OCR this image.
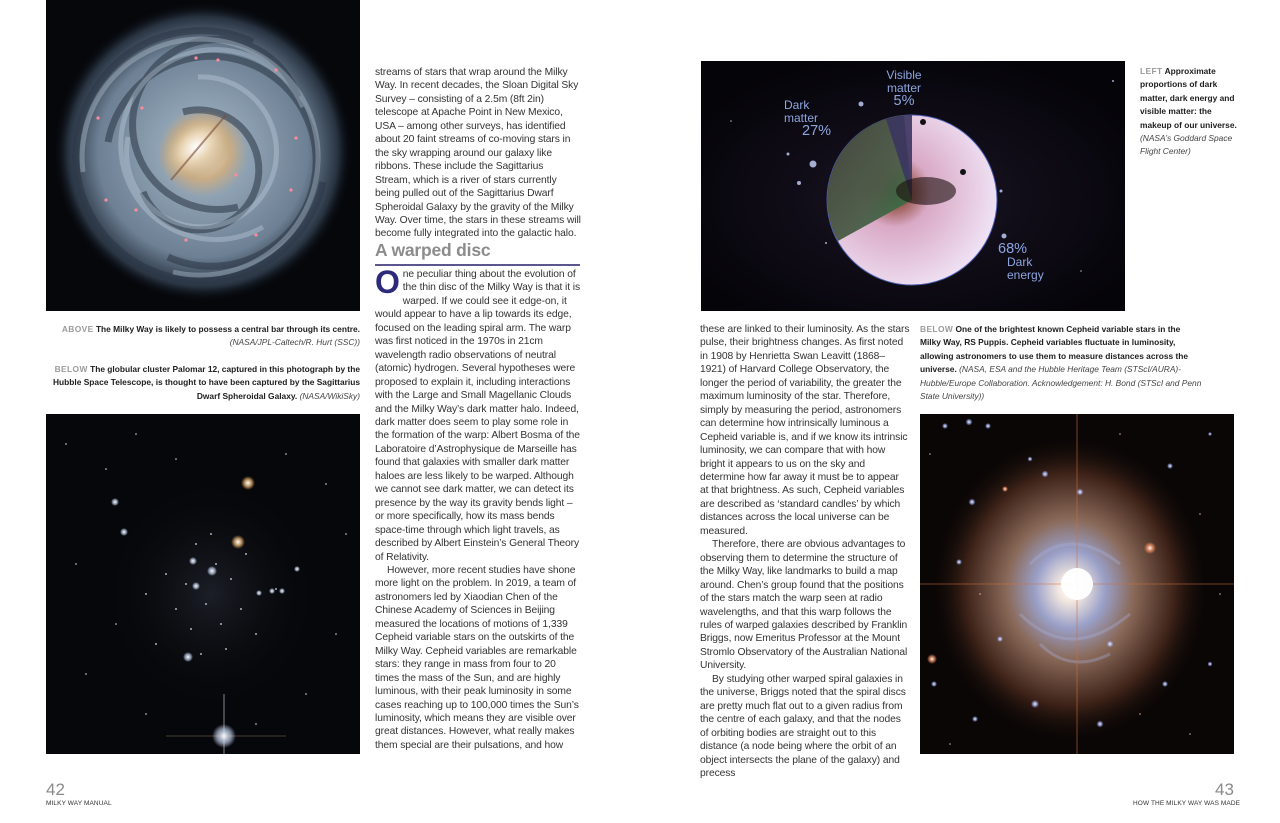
streams of stars that wrap around the Milky Way. In recent decades, the Sloan Digital Sky Survey – consisting of a 2.5m (8ft 2in) telescope at Apache Point in New Mexico, USA – among other surveys, has identified about 20 faint streams of co-moving stars in the sky wrapping around our galaxy like ribbons. These include the Sagittarius Stream, which is a river of stars currently being pulled out of the Sagittarius Dwarf Spheroidal Galaxy by the gravity of the Milky Way. Over time, the stars in these streams will become fully integrated into the galactic halo.

A warped disc

One peculiar thing about the evolution of the thin disc of the Milky Way is that it is warped. If we could see it edge-on, it would appear to have a lip towards its edge, focused on the leading spiral arm. The warp was first noticed in the 1970s in 21cm wavelength radio observations of neutral (atomic) hydrogen. Several hypotheses were proposed to explain it, including interactions with the Large and Small Magellanic Clouds and the Milky Way’s dark matter halo. Indeed, dark matter does seem to play some role in the formation of the warp: Albert Bosma of the Laboratoire d’Astrophysique de Marseille has found that galaxies with smaller dark matter haloes are less likely to be warped. Although we cannot see dark matter, we can detect its presence by the way its gravity bends light – or more specifically, how its mass bends space-time through which light travels, as described by Albert Einstein’s General Theory of Relativity.

However, more recent studies have shone more light on the problem. In 2019, a team of astronomers led by Xiaodian Chen of the Chinese Academy of Sciences in Beijing measured the locations of motions of 1,339 Cepheid variable stars on the outskirts of the Milky Way. Cepheid variables are remarkable stars: they range in mass from four to 20 times the mass of the Sun, and are highly luminous, with their peak luminosity in some cases reaching up to 100,000 times the Sun’s luminosity, which means they are visible over great distances. However, what really makes them special are their pulsations, and how

ABOVE The Milky Way is likely to possess a central bar through its centre.
(NASA/JPL-Caltech/R. Hurt (SSC))
BELOW The globular cluster Palomar 12, captured in this photograph by the Hubble Space Telescope, is thought to have been captured by the Sagittarius Dwarf Spheroidal Galaxy. (NASA/WikiSky)
42
MILKY WAY MANUAL
Visible
matter
5%
Dark
matter
27%
68%
Dark
energy
LEFT Approximate proportions of dark matter, dark energy and visible matter: the makeup of our universe. (NASA’s Goddard Space Flight Center)
BELOW One of the brightest known Cepheid variable stars in the Milky Way, RS Puppis. Cepheid variables fluctuate in luminosity, allowing astronomers to use them to measure distances across the universe. (NASA, ESA and the Hubble Heritage Team (STScI/AURA)-Hubble/Europe Collaboration. Acknowledgement: H. Bond (STScI and Penn State University))

these are linked to their luminosity. As the stars pulse, their brightness changes. As first noted in 1908 by Henrietta Swan Leavitt (1868–1921) of Harvard College Observatory, the longer the period of variability, the greater the maximum luminosity of the star. Therefore, simply by measuring the period, astronomers can determine how intrinsically luminous a Cepheid variable is, and if we know its intrinsic luminosity, we can compare that with how bright it appears to us on the sky and determine how far away it must be to appear at that brightness. As such, Cepheid variables are described as ‘standard candles’ by which distances across the local universe can be measured.

Therefore, there are obvious advantages to observing them to determine the structure of the Milky Way, like landmarks to build a map around. Chen’s group found that the positions of the stars match the warp seen at radio wavelengths, and that this warp follows the rules of warped galaxies described by Franklin Briggs, now Emeritus Professor at the Mount Stromlo Observatory of the Australian National University.

By studying other warped spiral galaxies in the universe, Briggs noted that the spiral discs are pretty much flat out to a given radius from the centre of each galaxy, and that the nodes of orbiting bodies are straight out to this distance (a node being where the orbit of an object intersects the plane of the galaxy) and precess

43
HOW THE MILKY WAY WAS MADE
